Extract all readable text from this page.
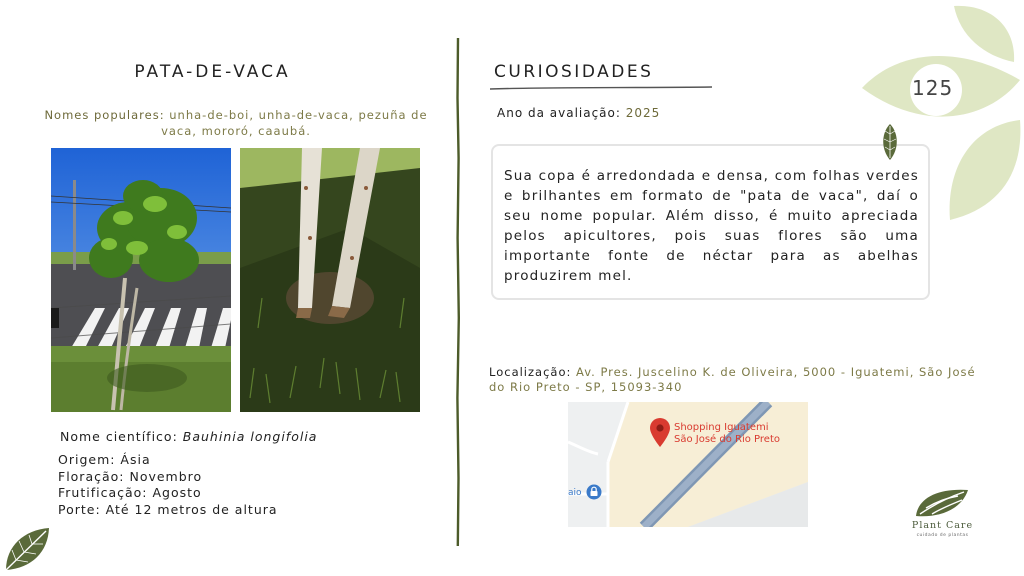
PATA-DE-VACA
Nomes populares: unha-de-boi, unha-de-vaca, pezuña de vaca, mororó, caaubá.
Nome científico: Bauhinia longifolia
Origem: Ásia
Floração: Novembro
Frutificação: Agosto
Porte: Até 12 metros de altura
CURIOSIDADES
Ano da avaliação: 2025

Sua copa é arredondada e densa, com folhas verdes e brilhantes em formato de "pata de vaca", daí o seu nome popular. Além disso, é muito apreciada pelos apicultores, pois suas flores são uma importante fonte de néctar para as abelhas produzirem mel.

Localização: Av. Pres. Juscelino K. de Oliveira, 5000 - Iguatemi, São José do Rio Preto - SP, 15093-340
Shopping Iguatemi
São José do Rio Preto
aio
125
Plant Care
cuidado de plantas
